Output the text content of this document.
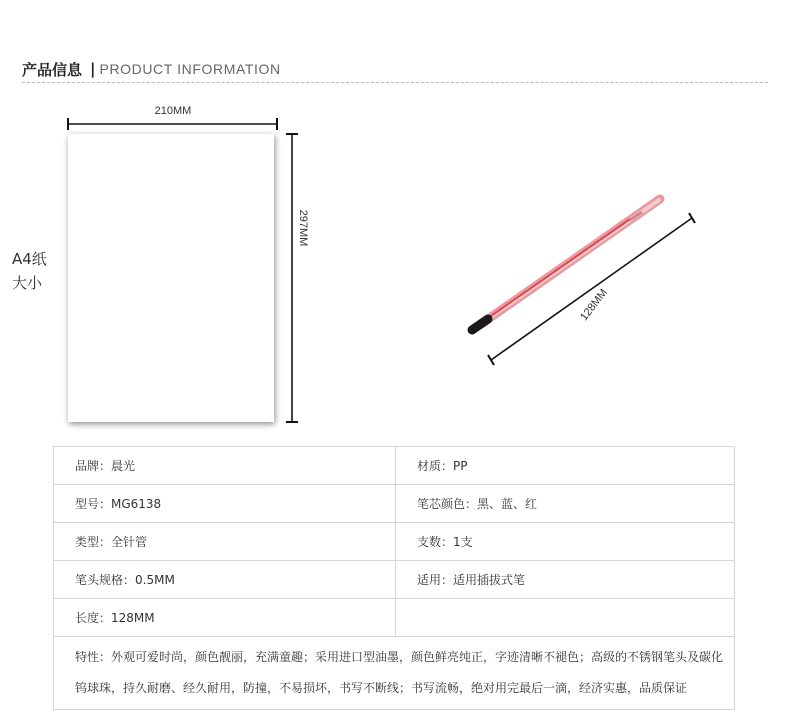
产品信息 | PRODUCT INFORMATION
A4纸
大小
210MM
297MM
128MM
品牌：晨光	材质：PP
型号：MG6138	笔芯颜色：黑、蓝、红
类型：全针管	支数：1支
笔头规格：0.5MM	适用：适用插拔式笔
长度：128MM	
特性：外观可爱时尚，颜色靓丽，充满童趣；采用进口型油墨，颜色鲜亮纯正，字迹清晰不褪色；高级的不锈钢笔头及碳化钨球珠，持久耐磨、经久耐用，防撞，不易损坏，书写不断线；书写流畅，绝对用完最后一滴，经济实惠，品质保证	
